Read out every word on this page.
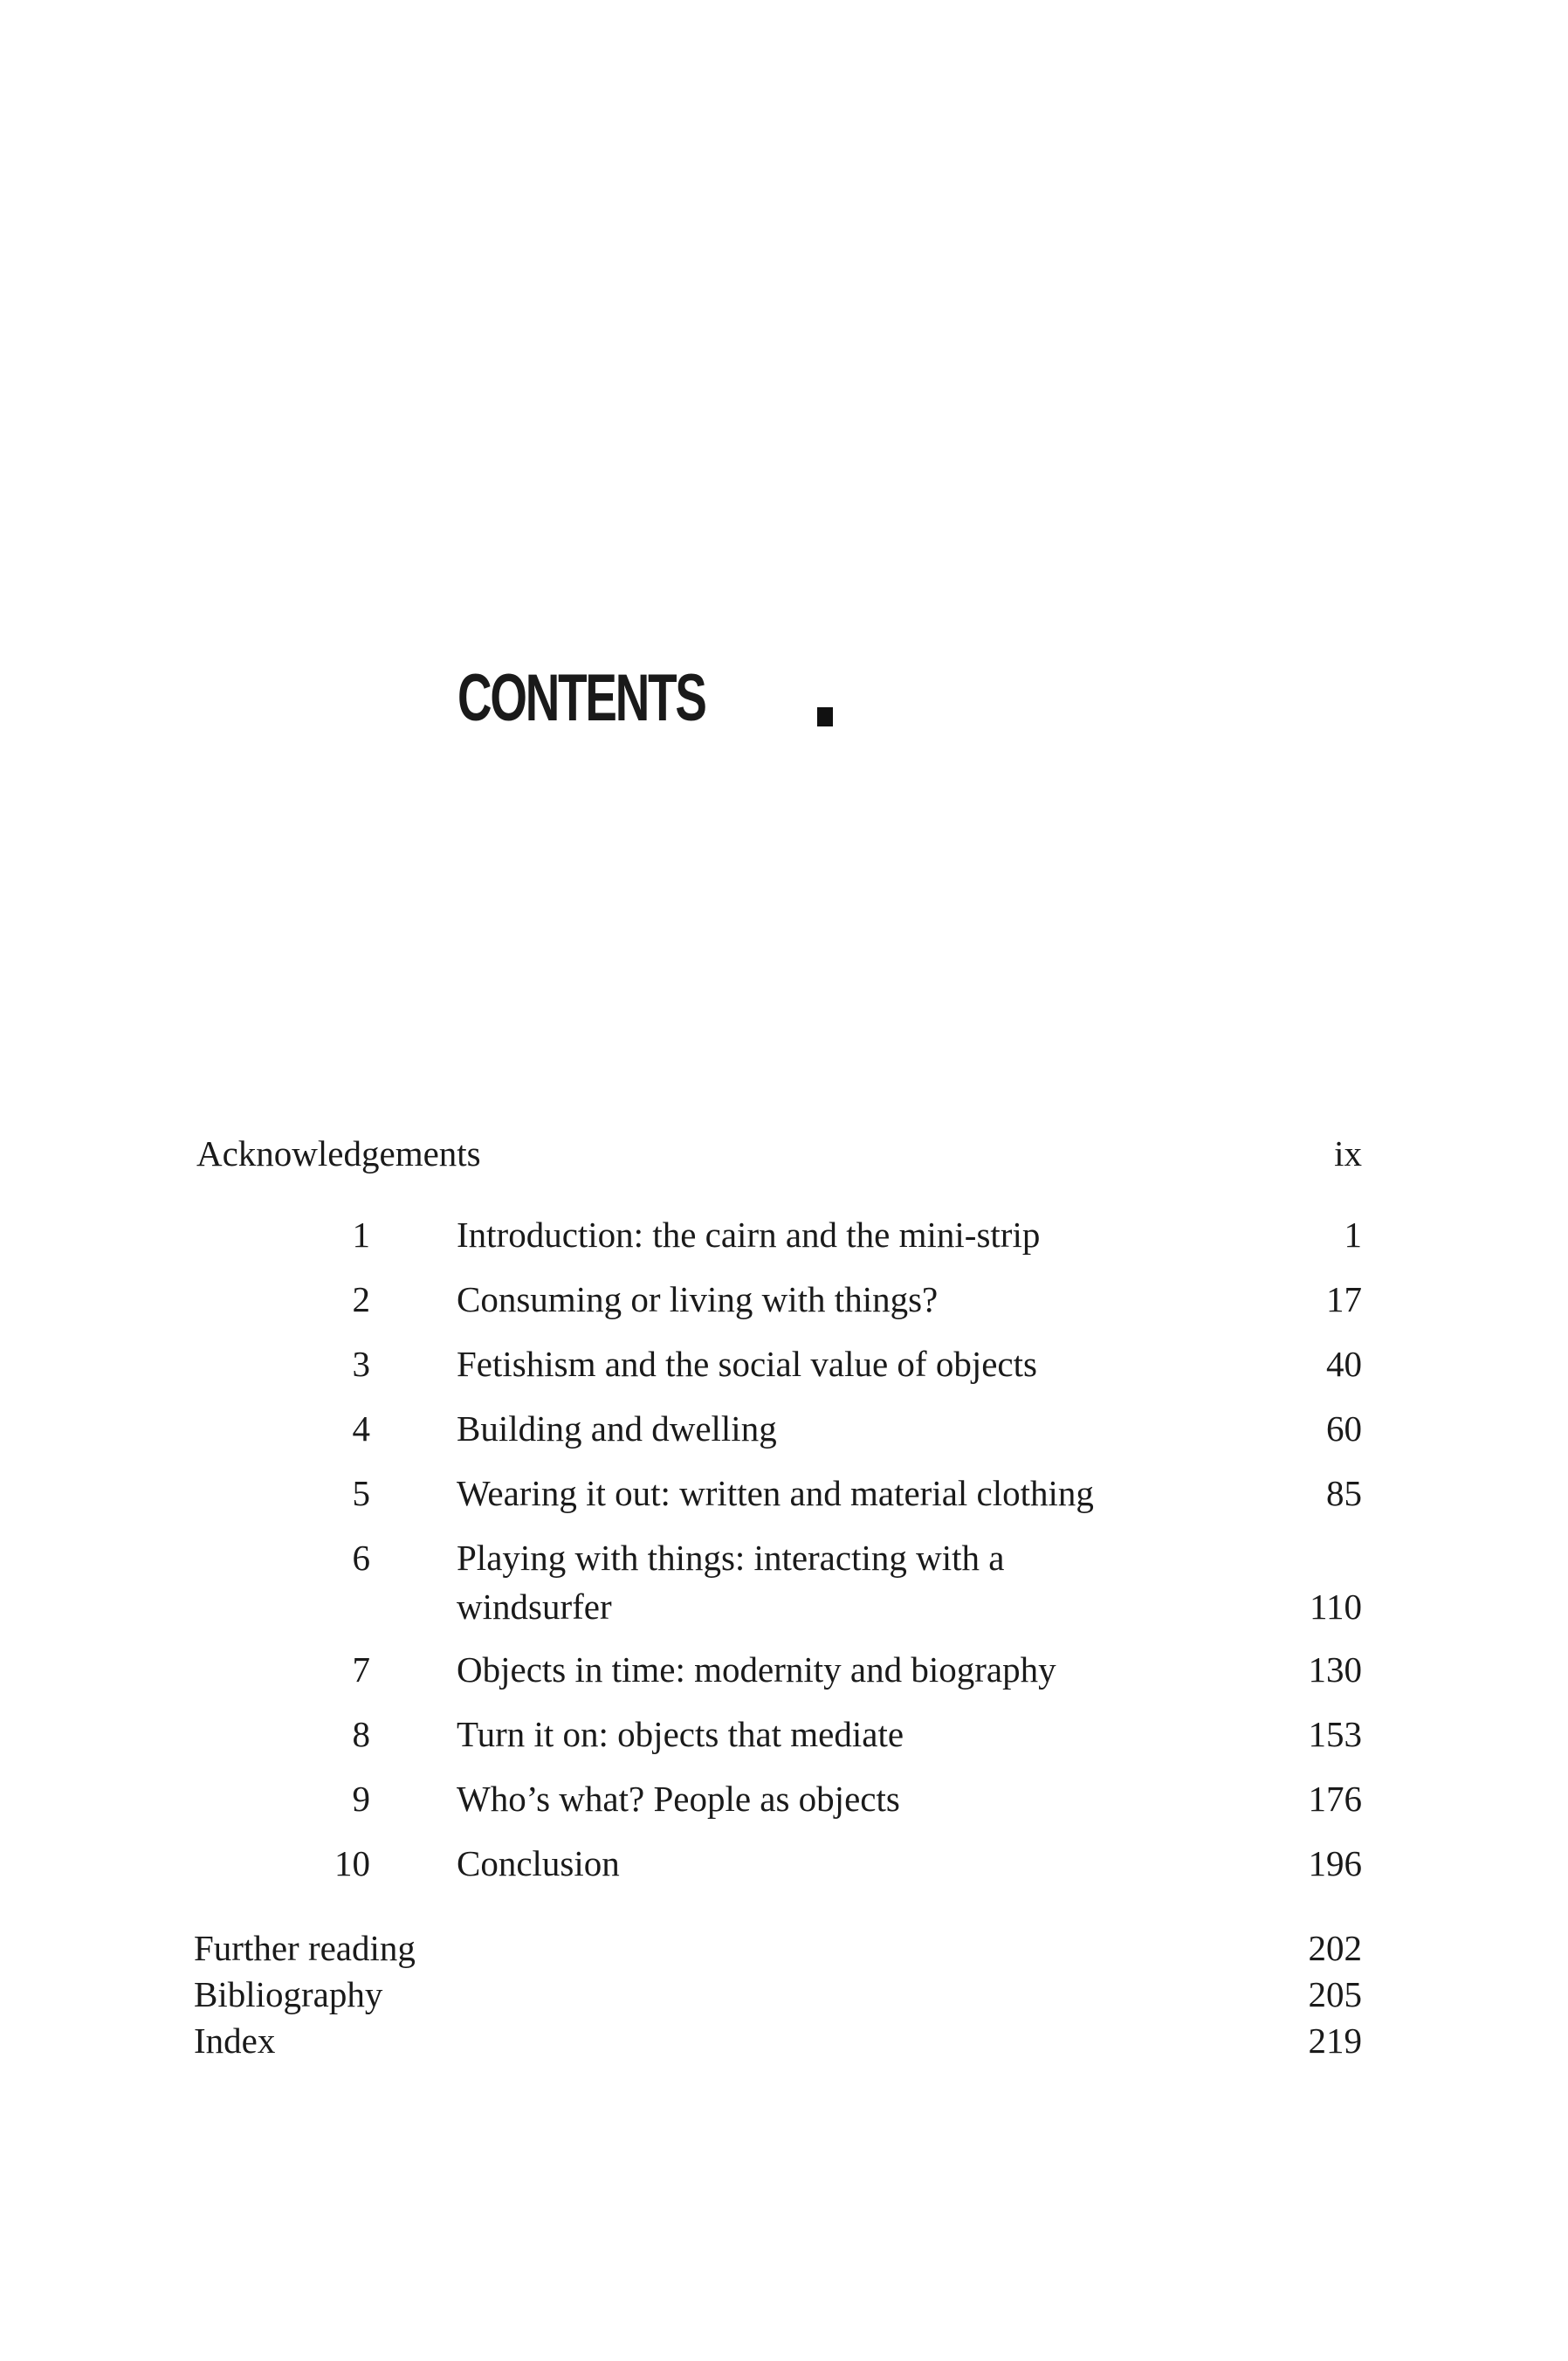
CONTENTS
Acknowledgements	ix
1 Introduction: the cairn and the mini-strip	1
2 Consuming or living with things?	17
3 Fetishism and the social value of objects	40
4 Building and dwelling	60
5 Wearing it out: written and material clothing	85
6 Playing with things: interacting with a windsurfer	110
7 Objects in time: modernity and biography	130
8 Turn it on: objects that mediate	153
9 Who’s what? People as objects	176
10 Conclusion	196
Further reading	202
Bibliography	205
Index	219
